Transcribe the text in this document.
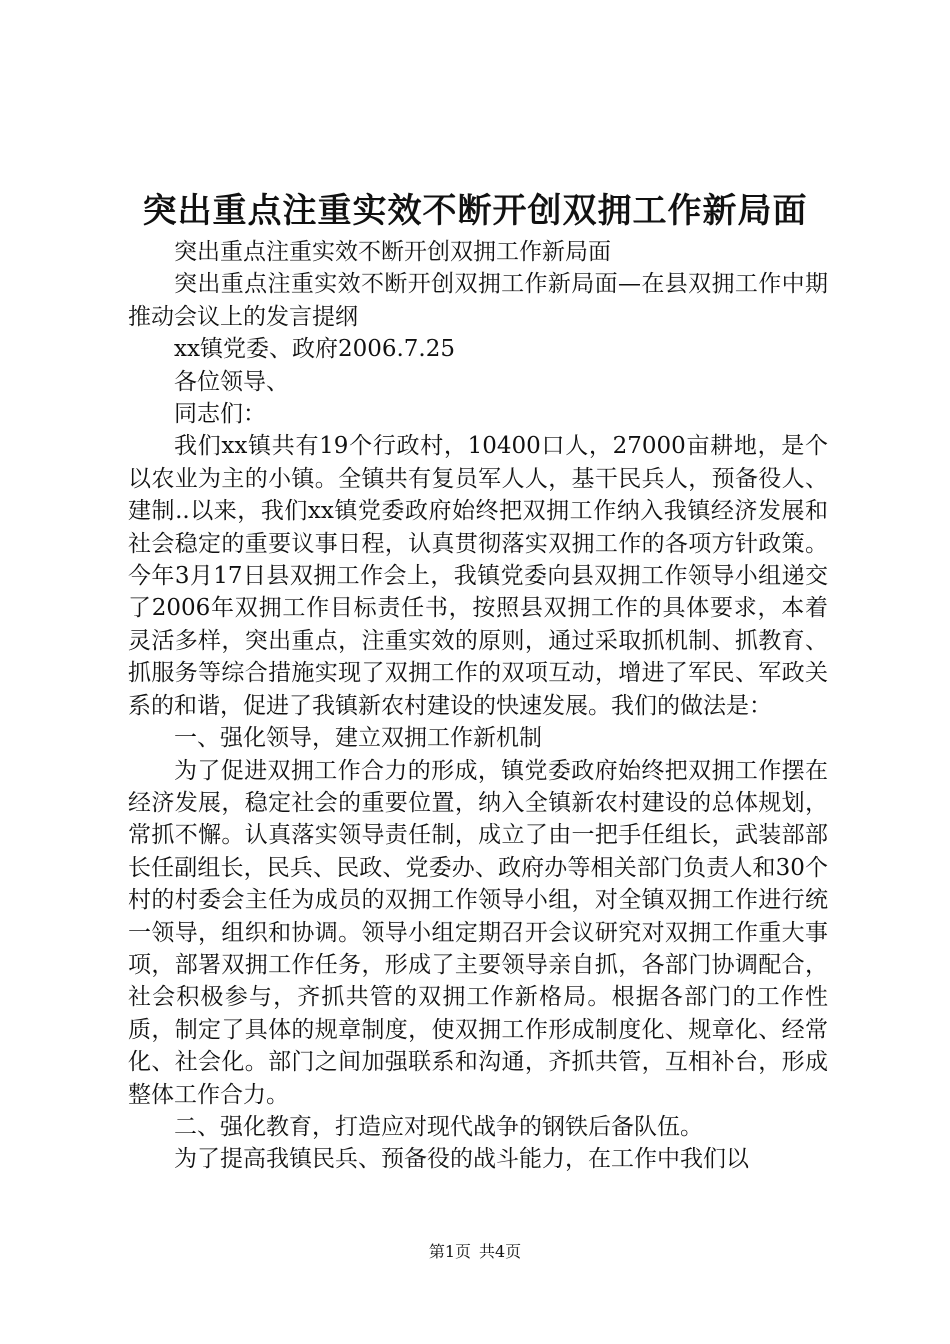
突出重点注重实效不断开创双拥工作新局面

突出重点注重实效不断开创双拥工作新局面

突出重点注重实效不断开创双拥工作新局面—在县双拥工作中期推动会议上的发言提纲

xx镇党委、政府2006.7.25

各位领导、

同志们：

我们xx镇共有19个行政村，10400口人，27000亩耕地，是个以农业为主的小镇。全镇共有复员军人人，基干民兵人，预备役人、建制..以来，我们xx镇党委政府始终把双拥工作纳入我镇经济发展和社会稳定的重要议事日程，认真贯彻落实双拥工作的各项方针政策。今年3月17日县双拥工作会上，我镇党委向县双拥工作领导小组递交了2006年双拥工作目标责任书，按照县双拥工作的具体要求，本着灵活多样，突出重点，注重实效的原则，通过采取抓机制、抓教育、抓服务等综合措施实现了双拥工作的双项互动，增进了军民、军政关系的和谐，促进了我镇新农村建设的快速发展。我们的做法是：

一、强化领导，建立双拥工作新机制

为了促进双拥工作合力的形成，镇党委政府始终把双拥工作摆在经济发展，稳定社会的重要位置，纳入全镇新农村建设的总体规划，常抓不懈。认真落实领导责任制，成立了由一把手任组长，武装部部长任副组长，民兵、民政、党委办、政府办等相关部门负责人和30个村的村委会主任为成员的双拥工作领导小组，对全镇双拥工作进行统一领导，组织和协调。领导小组定期召开会议研究对双拥工作重大事项，部署双拥工作任务，形成了主要领导亲自抓，各部门协调配合，社会积极参与，齐抓共管的双拥工作新格局。根据各部门的工作性质，制定了具体的规章制度，使双拥工作形成制度化、规章化、经常化、社会化。部门之间加强联系和沟通，齐抓共管，互相补台，形成整体工作合力。

二、强化教育，打造应对现代战争的钢铁后备队伍。

为了提高我镇民兵、预备役的战斗能力，在工作中我们以

第1页 共4页
